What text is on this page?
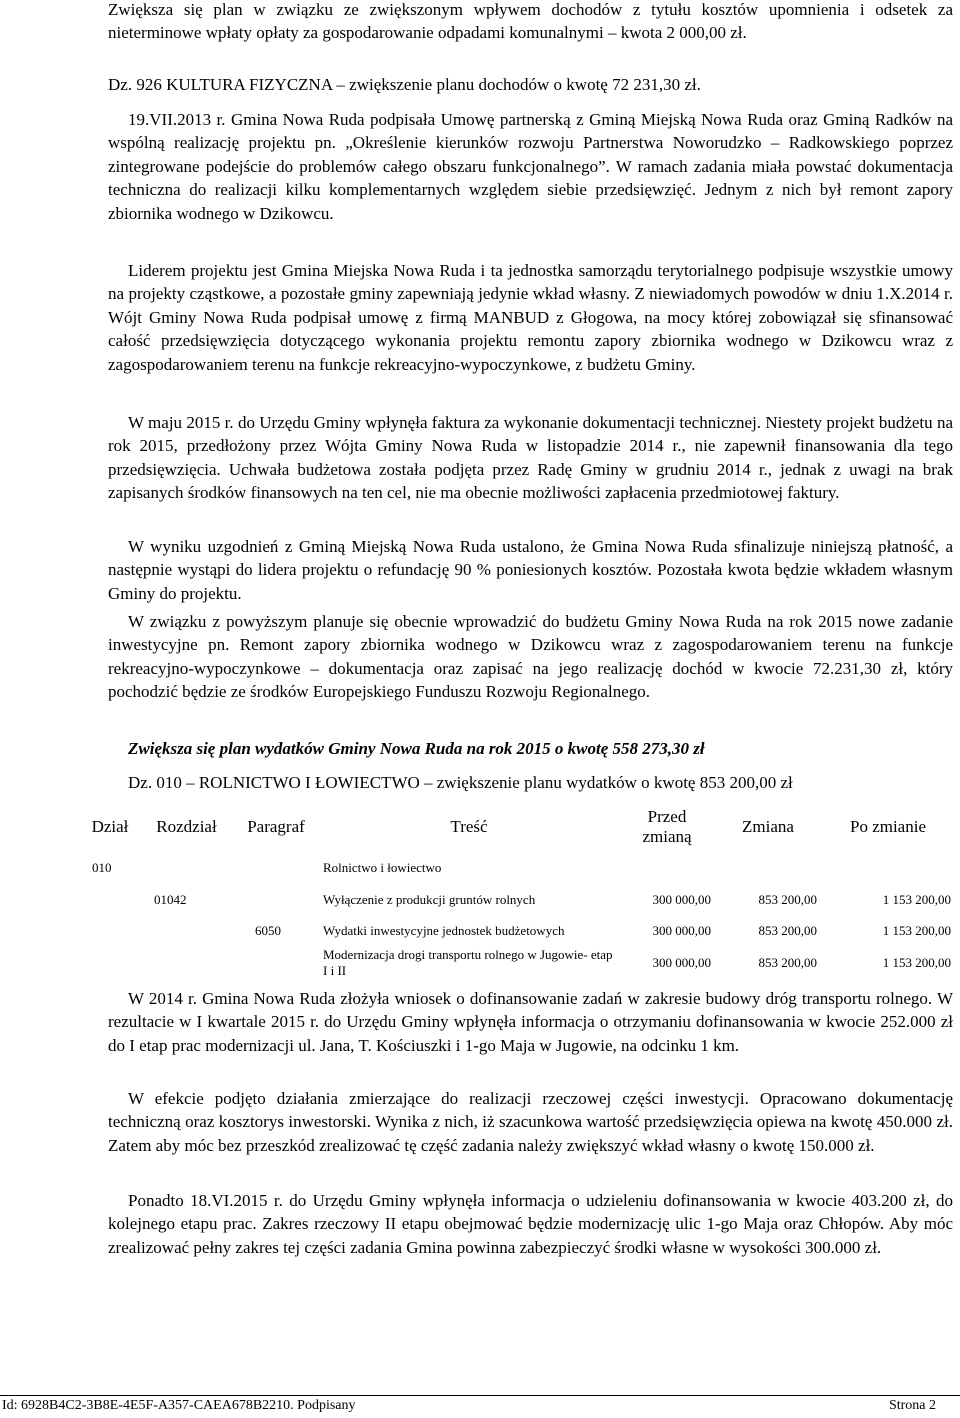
Zwiększa się plan w związku ze zwiększonym wpływem dochodów z tytułu kosztów upomnienia i odsetek za nieterminowe wpłaty opłaty za gospodarowanie odpadami komunalnymi – kwota 2 000,00 zł.

Dz. 926 KULTURA FIZYCZNA – zwiększenie planu dochodów o kwotę 72 231,30 zł.

19.VII.2013 r. Gmina Nowa Ruda podpisała Umowę partnerską z Gminą Miejską Nowa Ruda oraz Gminą Radków na wspólną realizację projektu pn. „Określenie kierunków rozwoju Partnerstwa Noworudzko – Radkowskiego poprzez zintegrowane podejście do problemów całego obszaru funkcjonalnego”. W ramach zadania miała powstać dokumentacja techniczna do realizacji kilku komplementarnych względem siebie przedsięwzięć. Jednym z nich był remont zapory zbiornika wodnego w Dzikowcu.

Liderem projektu jest Gmina Miejska Nowa Ruda i ta jednostka samorządu terytorialnego podpisuje wszystkie umowy na projekty cząstkowe, a pozostałe gminy zapewniają jedynie wkład własny. Z niewiadomych powodów w dniu 1.X.2014 r. Wójt Gminy Nowa Ruda podpisał umowę z firmą MANBUD z Głogowa, na mocy której zobowiązał się sfinansować całość przedsięwzięcia dotyczącego wykonania projektu remontu zapory zbiornika wodnego w Dzikowcu wraz z zagospodarowaniem terenu na funkcje rekreacyjno-wypoczynkowe, z budżetu Gminy.

W maju 2015 r. do Urzędu Gminy wpłynęła faktura za wykonanie dokumentacji technicznej. Niestety projekt budżetu na rok 2015, przedłożony przez Wójta Gminy Nowa Ruda w listopadzie 2014 r., nie zapewnił finansowania dla tego przedsięwzięcia. Uchwała budżetowa została podjęta przez Radę Gminy w grudniu 2014 r., jednak z uwagi na brak zapisanych środków finansowych na ten cel, nie ma obecnie możliwości zapłacenia przedmiotowej faktury.

W wyniku uzgodnień z Gminą Miejską Nowa Ruda ustalono, że Gmina Nowa Ruda sfinalizuje niniejszą płatność, a następnie wystąpi do lidera projektu o refundację 90 % poniesionych kosztów. Pozostała kwota będzie wkładem własnym Gminy do projektu.

W związku z powyższym planuje się obecnie wprowadzić do budżetu Gminy Nowa Ruda na rok 2015 nowe zadanie inwestycyjne pn. Remont zapory zbiornika wodnego w Dzikowcu wraz z zagospodarowaniem terenu na funkcje rekreacyjno-wypoczynkowe – dokumentacja oraz zapisać na jego realizację dochód w kwocie 72.231,30 zł, który pochodzić będzie ze środków Europejskiego Funduszu Rozwoju Regionalnego.

Zwiększa się plan wydatków Gminy Nowa Ruda na rok 2015 o kwotę 558 273,30 zł

Dz. 010 – ROLNICTWO I ŁOWIECTWO – zwiększenie planu wydatków o kwotę 853 200,00 zł

Dział	Rozdział	Paragraf	Treść	Przed zmianą	Zmiana	Po zmianie
010			Rolnictwo i łowiectwo			
	01042		Wyłączenie z produkcji gruntów rolnych	300 000,00	853 200,00	1 153 200,00
		6050	Wydatki inwestycyjne jednostek budżetowych	300 000,00	853 200,00	1 153 200,00
			Modernizacja drogi transportu rolnego w Jugowie- etap I i II	300 000,00	853 200,00	1 153 200,00

W 2014 r. Gmina Nowa Ruda złożyła wniosek o dofinansowanie zadań w zakresie budowy dróg transportu rolnego. W rezultacie w I kwartale 2015 r. do Urzędu Gminy wpłynęła informacja o otrzymaniu dofinansowania w kwocie 252.000 zł do I etap prac modernizacji ul. Jana, T. Kościuszki i 1-go Maja w Jugowie, na odcinku 1 km.

W efekcie podjęto działania zmierzające do realizacji rzeczowej części inwestycji. Opracowano dokumentację techniczną oraz kosztorys inwestorski. Wynika z nich, iż szacunkowa wartość przedsięwzięcia opiewa na kwotę 450.000 zł. Zatem aby móc bez przeszkód zrealizować tę część zadania należy zwiększyć wkład własny o kwotę 150.000 zł.

Ponadto 18.VI.2015 r. do Urzędu Gminy wpłynęła informacja o udzieleniu dofinansowania w kwocie 403.200 zł, do kolejnego etapu prac. Zakres rzeczowy II etapu obejmować będzie modernizację ulic 1-go Maja oraz Chłopów. Aby móc zrealizować pełny zakres tej części zadania Gmina powinna zabezpieczyć środki własne w wysokości 300.000 zł.

Id: 6928B4C2-3B8E-4E5F-A357-CAEA678B2210. Podpisany	Strona 2
